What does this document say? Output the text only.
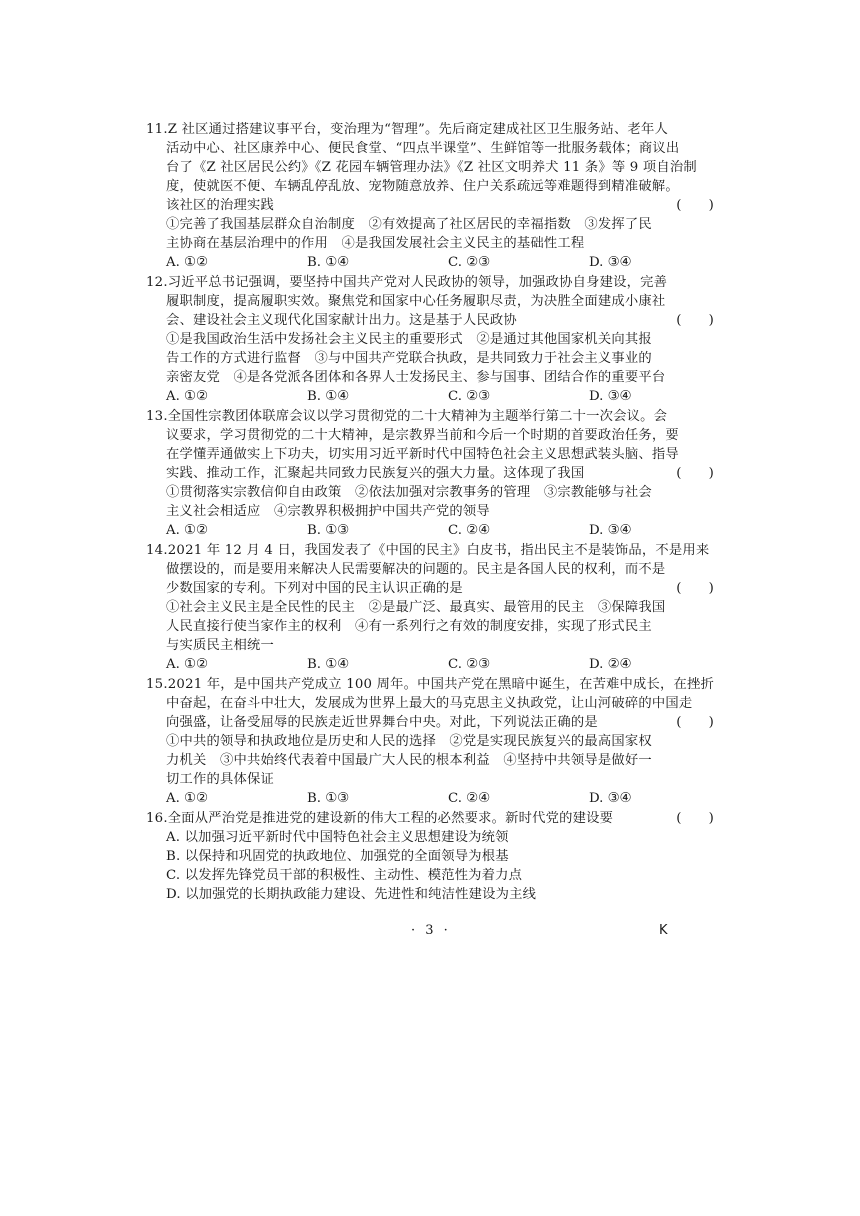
11.Z 社区通过搭建议事平台，变治理为“智理”。先后商定建成社区卫生服务站、老年人
活动中心、社区康养中心、便民食堂、“四点半课堂”、生鲜馆等一批服务载体；商议出
台了《Z 社区居民公约》《Z 花园车辆管理办法》《Z 社区文明养犬 11 条》等 9 项自治制
度，使就医不便、车辆乱停乱放、宠物随意放养、住户关系疏远等难题得到精准破解。
该社区的治理实践	(　　)
①完善了我国基层群众自治制度　②有效提高了社区居民的幸福指数　③发挥了民
主协商在基层治理中的作用　④是我国发展社会主义民主的基础性工程
A. ①②	B. ①④	C. ②③	D. ③④
12.习近平总书记强调，要坚持中国共产党对人民政协的领导，加强政协自身建设，完善
履职制度，提高履职实效。聚焦党和国家中心任务履职尽责，为决胜全面建成小康社
会、建设社会主义现代化国家献计出力。这是基于人民政协	(　　)
①是我国政治生活中发扬社会主义民主的重要形式　②是通过其他国家机关向其报
告工作的方式进行监督　③与中国共产党联合执政，是共同致力于社会主义事业的
亲密友党　④是各党派各团体和各界人士发扬民主、参与国事、团结合作的重要平台
A. ①②	B. ①④	C. ②③	D. ③④
13.全国性宗教团体联席会议以学习贯彻党的二十大精神为主题举行第二十一次会议。会
议要求，学习贯彻党的二十大精神，是宗教界当前和今后一个时期的首要政治任务，要
在学懂弄通做实上下功夫，切实用习近平新时代中国特色社会主义思想武装头脑、指导
实践、推动工作，汇聚起共同致力民族复兴的强大力量。这体现了我国	(　　)
①贯彻落实宗教信仰自由政策　②依法加强对宗教事务的管理　③宗教能够与社会
主义社会相适应　④宗教界积极拥护中国共产党的领导
A. ①②	B. ①③	C. ②④	D. ③④
14.2021 年 12 月 4 日，我国发表了《中国的民主》白皮书，指出民主不是装饰品，不是用来
做摆设的，而是要用来解决人民需要解决的问题的。民主是各国人民的权利，而不是
少数国家的专利。下列对中国的民主认识正确的是	(　　)
①社会主义民主是全民性的民主　②是最广泛、最真实、最管用的民主　③保障我国
人民直接行使当家作主的权利　④有一系列行之有效的制度安排，实现了形式民主
与实质民主相统一
A. ①②	B. ①④	C. ②③	D. ②④
15.2021 年，是中国共产党成立 100 周年。中国共产党在黑暗中诞生，在苦难中成长，在挫折
中奋起，在奋斗中壮大，发展成为世界上最大的马克思主义执政党，让山河破碎的中国走
向强盛，让备受屈辱的民族走近世界舞台中央。对此，下列说法正确的是	(　　)
①中共的领导和执政地位是历史和人民的选择　②党是实现民族复兴的最高国家权
力机关　③中共始终代表着中国最广大人民的根本利益　④坚持中共领导是做好一
切工作的具体保证
A. ①②	B. ①③	C. ②④	D. ③④
16.全面从严治党是推进党的建设新的伟大工程的必然要求。新时代党的建设要	(　　)
A. 以加强习近平新时代中国特色社会主义思想建设为统领
B. 以保持和巩固党的执政地位、加强党的全面领导为根基
C. 以发挥先锋党员干部的积极性、主动性、模范性为着力点
D. 以加强党的长期执政能力建设、先进性和纯洁性建设为主线
· 3 ·	K
